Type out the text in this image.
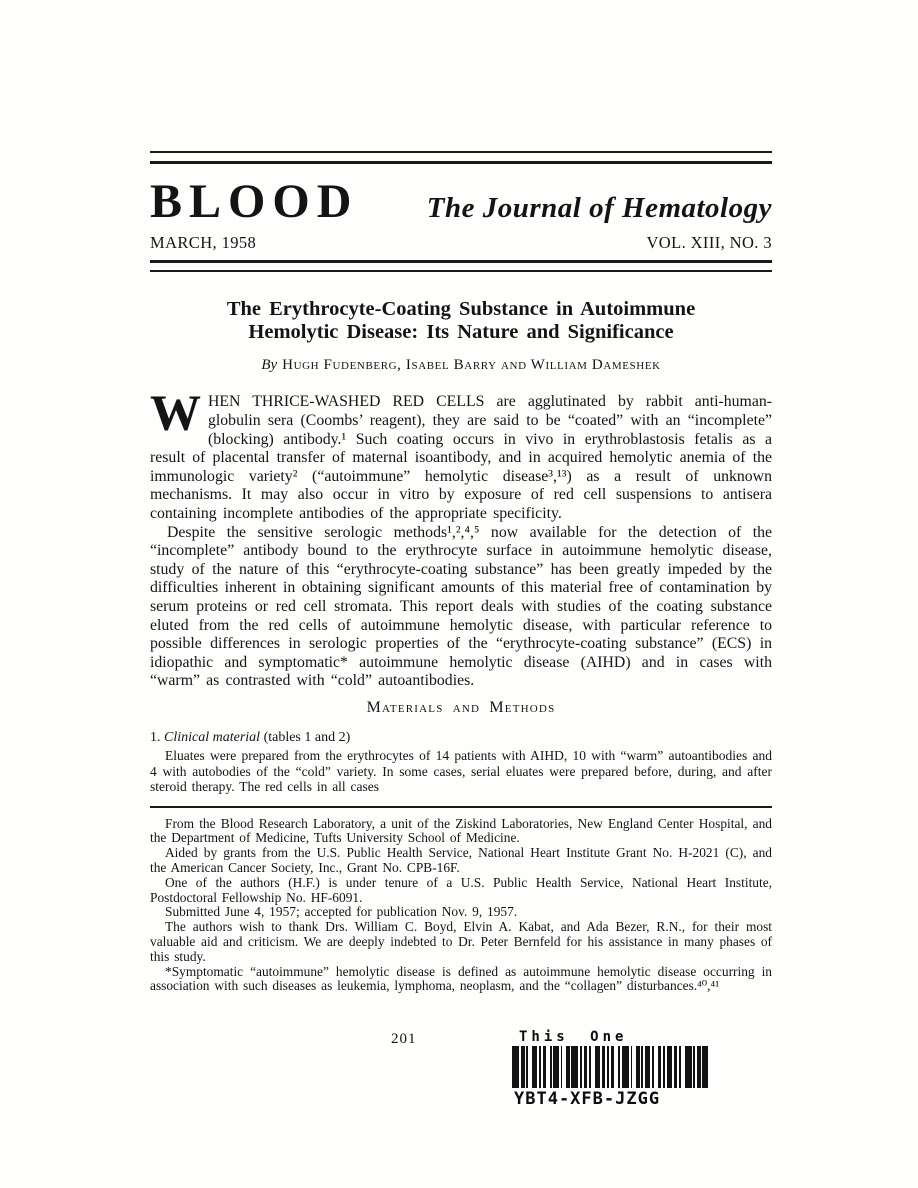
BLOOD The Journal of Hematology
MARCH, 1958	VOL. XIII, NO. 3
The Erythrocyte-Coating Substance in Autoimmune
Hemolytic Disease: Its Nature and Significance
By Hugh Fudenberg, Isabel Barry and William Dameshek

WHEN THRICE-WASHED RED CELLS are agglutinated by rabbit anti-human-globulin sera (Coombs’ reagent), they are said to be “coated” with an “incomplete” (blocking) antibody.¹ Such coating occurs in vivo in erythroblastosis fetalis as a result of placental transfer of maternal isoantibody, and in acquired hemolytic anemia of the immunologic variety² (“autoimmune” hemolytic disease³,¹³) as a result of unknown mechanisms. It may also occur in vitro by exposure of red cell suspensions to antisera containing incomplete antibodies of the appropriate specificity.

Despite the sensitive serologic methods¹,²,⁴,⁵ now available for the detection of the “incomplete” antibody bound to the erythrocyte surface in autoimmune hemolytic disease, study of the nature of this “erythrocyte-coating substance” has been greatly impeded by the difficulties inherent in obtaining significant amounts of this material free of contamination by serum proteins or red cell stromata. This report deals with studies of the coating substance eluted from the red cells of autoimmune hemolytic disease, with particular reference to possible differences in serologic properties of the “erythrocyte-coating substance” (ECS) in idiopathic and symptomatic* autoimmune hemolytic disease (AIHD) and in cases with “warm” as contrasted with “cold” autoantibodies.

Materials and Methods
1. Clinical material (tables 1 and 2)

Eluates were prepared from the erythrocytes of 14 patients with AIHD, 10 with “warm” autoantibodies and 4 with autobodies of the “cold” variety. In some cases, serial eluates were prepared before, during, and after steroid therapy. The red cells in all cases

From the Blood Research Laboratory, a unit of the Ziskind Laboratories, New England Center Hospital, and the Department of Medicine, Tufts University School of Medicine.

Aided by grants from the U.S. Public Health Service, National Heart Institute Grant No. H-2021 (C), and the American Cancer Society, Inc., Grant No. CPB-16F.

One of the authors (H.F.) is under tenure of a U.S. Public Health Service, National Heart Institute, Postdoctoral Fellowship No. HF-6091.

Submitted June 4, 1957; accepted for publication Nov. 9, 1957.

The authors wish to thank Drs. William C. Boyd, Elvin A. Kabat, and Ada Bezer, R.N., for their most valuable aid and criticism. We are deeply indebted to Dr. Peter Bernfeld for his assistance in many phases of this study.

*Symptomatic “autoimmune” hemolytic disease is defined as autoimmune hemolytic disease occurring in association with such diseases as leukemia, lymphoma, neoplasm, and the “collagen” disturbances.⁴⁰,⁴¹

201	This One
YBT4-XFB-JZGG
